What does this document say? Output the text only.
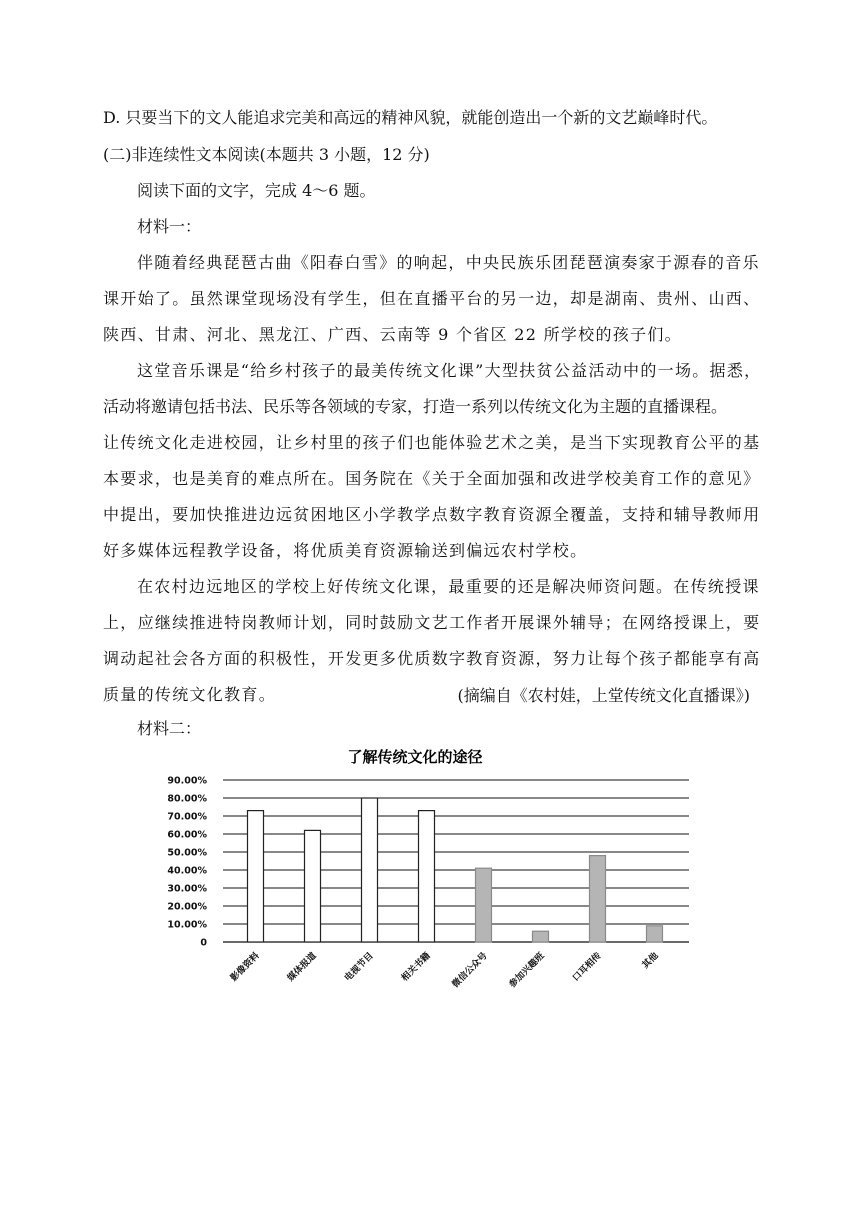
D. 只要当下的文人能追求完美和高远的精神风貌，就能创造出一个新的文艺巅峰时代。
(二)非连续性文本阅读(本题共 3 小题，12 分)
阅读下面的文字，完成 4～6 题。
材料一：
伴随着经典琵琶古曲《阳春白雪》的响起，中央民族乐团琵琶演奏家于源春的音乐
课开始了。虽然课堂现场没有学生，但在直播平台的另一边，却是湖南、贵州、山西、
陕西、甘肃、河北、黑龙江、广西、云南等 9 个省区 22 所学校的孩子们。
这堂音乐课是“给乡村孩子的最美传统文化课”大型扶贫公益活动中的一场。据悉，
活动将邀请包括书法、民乐等各领域的专家，打造一系列以传统文化为主题的直播课程。
让传统文化走进校园，让乡村里的孩子们也能体验艺术之美，是当下实现教育公平的基
本要求，也是美育的难点所在。国务院在《关于全面加强和改进学校美育工作的意见》
中提出，要加快推进边远贫困地区小学教学点数字教育资源全覆盖，支持和辅导教师用
好多媒体远程教学设备，将优质美育资源输送到偏远农村学校。
在农村边远地区的学校上好传统文化课，最重要的还是解决师资问题。在传统授课
上，应继续推进特岗教师计划，同时鼓励文艺工作者开展课外辅导；在网络授课上，要
调动起社会各方面的积极性，开发更多优质数字教育资源，努力让每个孩子都能享有高
质量的传统文化教育。	(摘编自《农村娃，上堂传统文化直播课》)
材料二：
了解传统文化的途径
0
10.00%
20.00%
30.00%
40.00%
50.00%
60.00%
70.00%
80.00%
90.00%
影像资料	媒体报道	电视节目	相关书籍 微信公众号 参加兴趣班	口耳相传	其他
